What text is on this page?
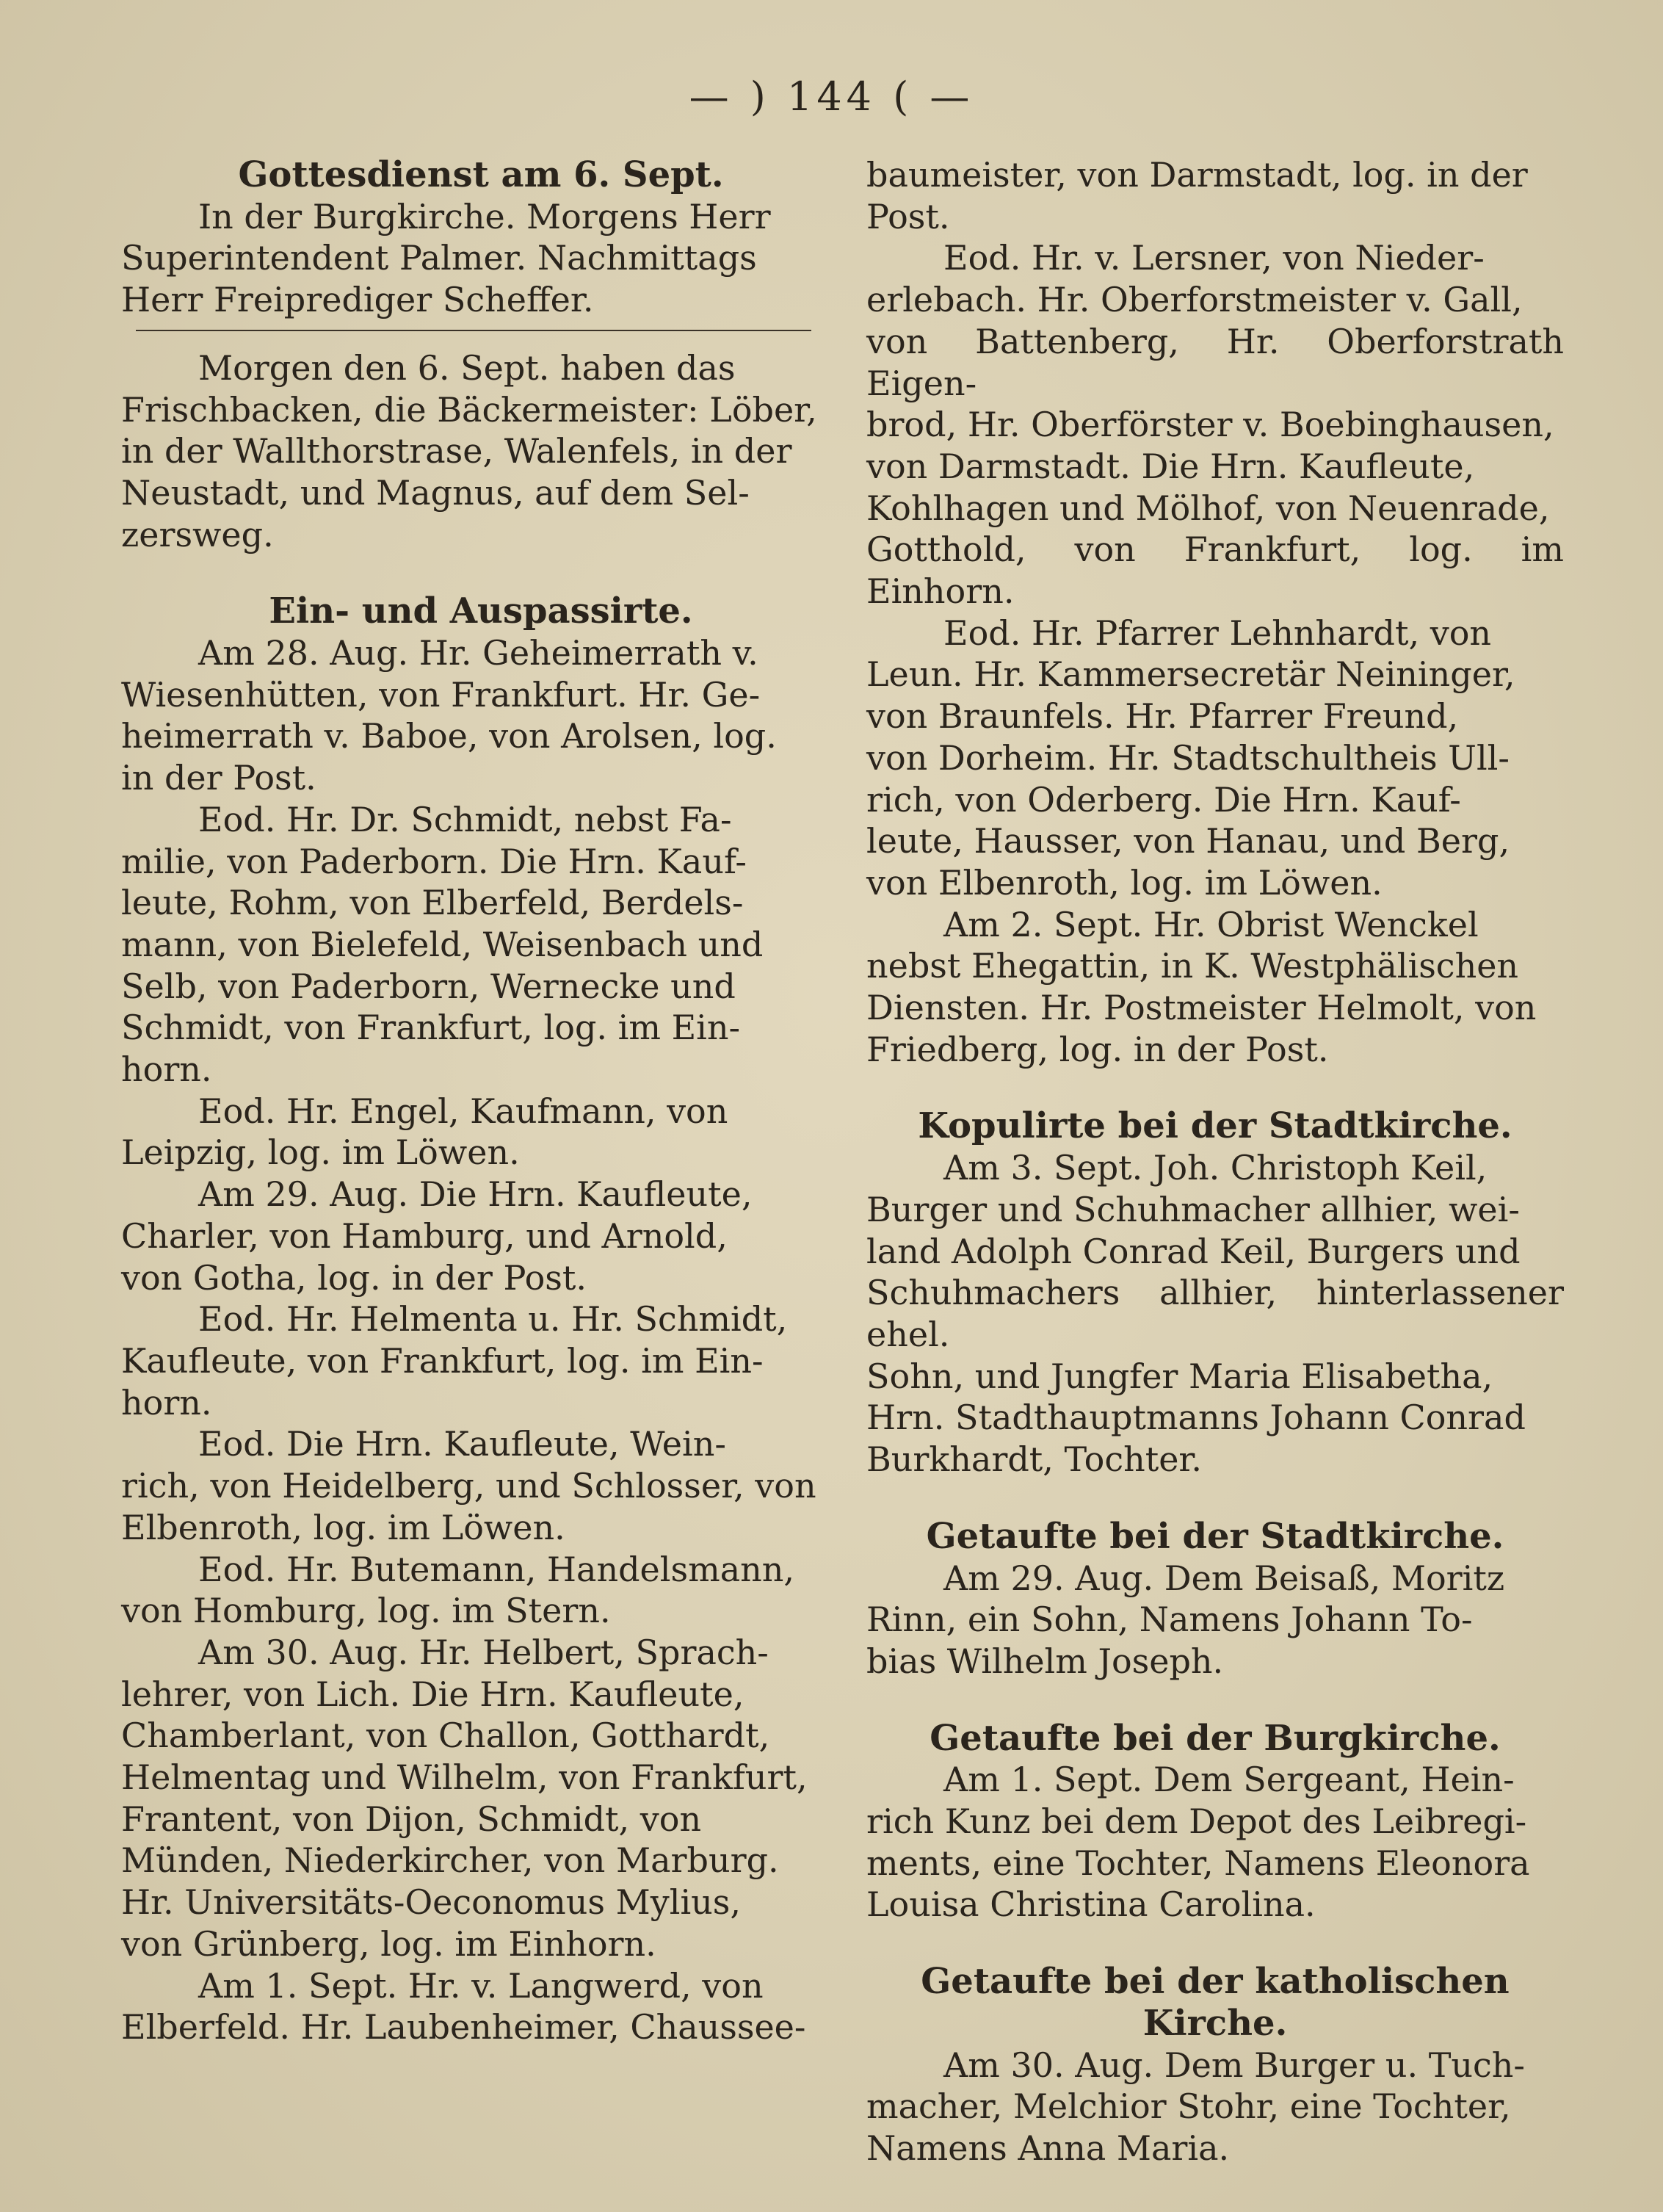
— ) 144 ( —

Gottesdienst am 6. Sept.

In der Burgkirche. Morgens Herr

Superintendent Palmer. Nachmittags

Herr Freiprediger Scheffer.

Morgen den 6. Sept. haben das

Frischbacken, die Bäckermeister: Löber,

in der Wallthorstrase, Walenfels, in der

Neustadt, und Magnus, auf dem Sel-

zersweg.

Ein- und Auspassirte.

Am 28. Aug. Hr. Geheimerrath v.

Wiesenhütten, von Frankfurt. Hr. Ge-

heimerrath v. Baboe, von Arolsen, log.

in der Post.

Eod. Hr. Dr. Schmidt, nebst Fa-

milie, von Paderborn. Die Hrn. Kauf-

leute, Rohm, von Elberfeld, Berdels-

mann, von Bielefeld, Weisenbach und

Selb, von Paderborn, Wernecke und

Schmidt, von Frankfurt, log. im Ein-

horn.

Eod. Hr. Engel, Kaufmann, von

Leipzig, log. im Löwen.

Am 29. Aug. Die Hrn. Kaufleute,

Charler, von Hamburg, und Arnold,

von Gotha, log. in der Post.

Eod. Hr. Helmenta u. Hr. Schmidt,

Kaufleute, von Frankfurt, log. im Ein-

horn.

Eod. Die Hrn. Kaufleute, Wein-

rich, von Heidelberg, und Schlosser, von

Elbenroth, log. im Löwen.

Eod. Hr. Butemann, Handelsmann,

von Homburg, log. im Stern.

Am 30. Aug. Hr. Helbert, Sprach-

lehrer, von Lich. Die Hrn. Kaufleute,

Chamberlant, von Challon, Gotthardt,

Helmentag und Wilhelm, von Frankfurt,

Frantent, von Dijon, Schmidt, von

Münden, Niederkircher, von Marburg.

Hr. Universitäts-Oeconomus Mylius,

von Grünberg, log. im Einhorn.

Am 1. Sept. Hr. v. Langwerd, von

Elberfeld. Hr. Laubenheimer, Chaussee-

baumeister, von Darmstadt, log. in der

Post.

Eod. Hr. v. Lersner, von Nieder-

erlebach. Hr. Oberforstmeister v. Gall,

von Battenberg, Hr. Oberforstrath Eigen-

brod, Hr. Oberförster v. Boebinghausen,

von Darmstadt. Die Hrn. Kaufleute,

Kohlhagen und Mölhof, von Neuenrade,

Gotthold, von Frankfurt, log. im Einhorn.

Eod. Hr. Pfarrer Lehnhardt, von

Leun. Hr. Kammersecretär Neininger,

von Braunfels. Hr. Pfarrer Freund,

von Dorheim. Hr. Stadtschultheis Ull-

rich, von Oderberg. Die Hrn. Kauf-

leute, Hausser, von Hanau, und Berg,

von Elbenroth, log. im Löwen.

Am 2. Sept. Hr. Obrist Wenckel

nebst Ehegattin, in K. Westphälischen

Diensten. Hr. Postmeister Helmolt, von

Friedberg, log. in der Post.

Kopulirte bei der Stadtkirche.

Am 3. Sept. Joh. Christoph Keil,

Burger und Schuhmacher allhier, wei-

land Adolph Conrad Keil, Burgers und

Schuhmachers allhier, hinterlassener ehel.

Sohn, und Jungfer Maria Elisabetha,

Hrn. Stadthauptmanns Johann Conrad

Burkhardt, Tochter.

Getaufte bei der Stadtkirche.

Am 29. Aug. Dem Beisaß, Moritz

Rinn, ein Sohn, Namens Johann To-

bias Wilhelm Joseph.

Getaufte bei der Burgkirche.

Am 1. Sept. Dem Sergeant, Hein-

rich Kunz bei dem Depot des Leibregi-

ments, eine Tochter, Namens Eleonora

Louisa Christina Carolina.

Getaufte bei der katholischen Kirche.

Am 30. Aug. Dem Burger u. Tuch-

macher, Melchior Stohr, eine Tochter,

Namens Anna Maria.
